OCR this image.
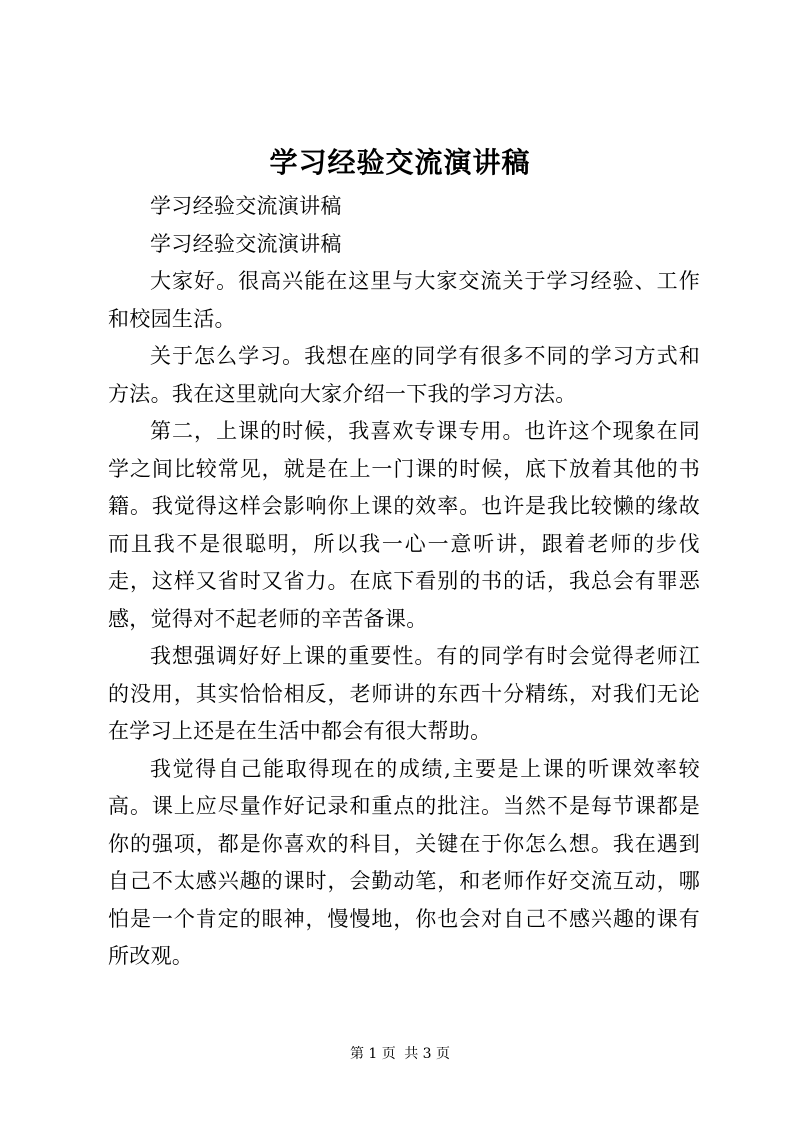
学习经验交流演讲稿

学习经验交流演讲稿

学习经验交流演讲稿

大家好。很高兴能在这里与大家交流关于学习经验、工作和校园生活。

关于怎么学习。我想在座的同学有很多不同的学习方式和方法。我在这里就向大家介绍一下我的学习方法。

第二，上课的时候，我喜欢专课专用。也许这个现象在同学之间比较常见，就是在上一门课的时候，底下放着其他的书籍。我觉得这样会影响你上课的效率。也许是我比较懒的缘故而且我不是很聪明，所以我一心一意听讲，跟着老师的步伐走，这样又省时又省力。在底下看别的书的话，我总会有罪恶感，觉得对不起老师的辛苦备课。

我想强调好好上课的重要性。有的同学有时会觉得老师江的没用，其实恰恰相反，老师讲的东西十分精练，对我们无论在学习上还是在生活中都会有很大帮助。

我觉得自己能取得现在的成绩,主要是上课的听课效率较高。课上应尽量作好记录和重点的批注。当然不是每节课都是你的强项，都是你喜欢的科目，关键在于你怎么想。我在遇到自己不太感兴趣的课时，会勤动笔，和老师作好交流互动，哪怕是一个肯定的眼神，慢慢地，你也会对自己不感兴趣的课有所改观。

第 1 页 共 3 页
